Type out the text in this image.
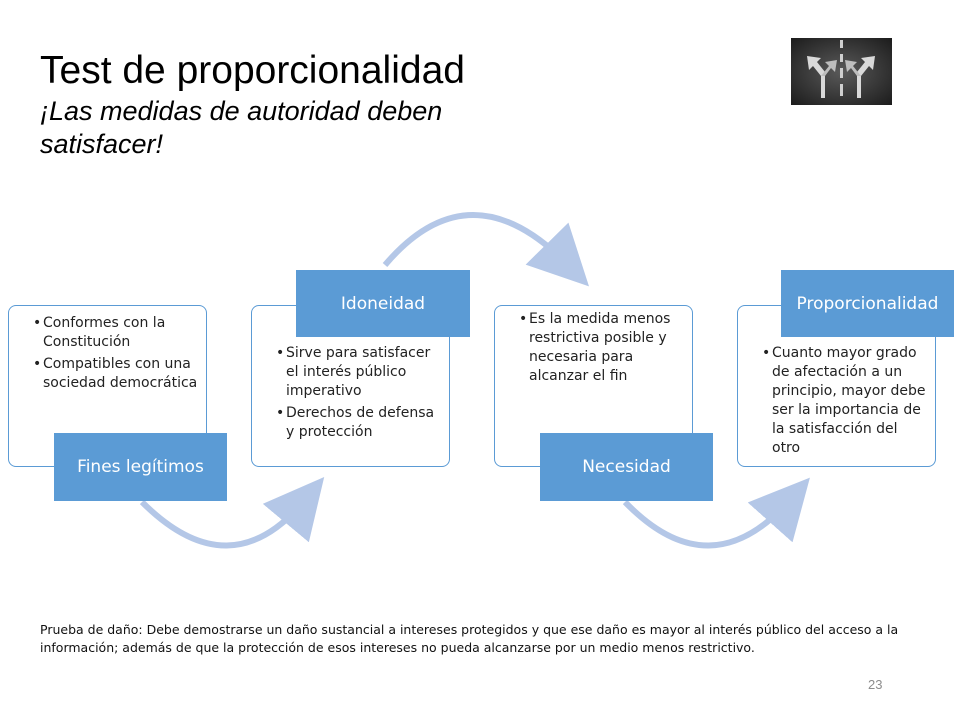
Test de proporcionalidad
¡Las medidas de autoridad deben satisfacer!
• Conformes con la Constitución
• Compatibles con una sociedad democrática
Fines legítimos
• Sirve para satisfacer el interés público imperativo
• Derechos de defensa y protección
Idoneidad
• Es la medida menos restrictiva posible y necesaria para alcanzar el fin
Necesidad
• Cuanto mayor grado de afectación a un principio, mayor debe ser la importancia de la satisfacción del otro
Proporcionalidad
Prueba de daño: Debe demostrarse un daño sustancial a intereses protegidos y que ese daño es mayor al interés público del acceso a la información; además de que la protección de esos intereses no pueda alcanzarse por un medio menos restrictivo.
23
